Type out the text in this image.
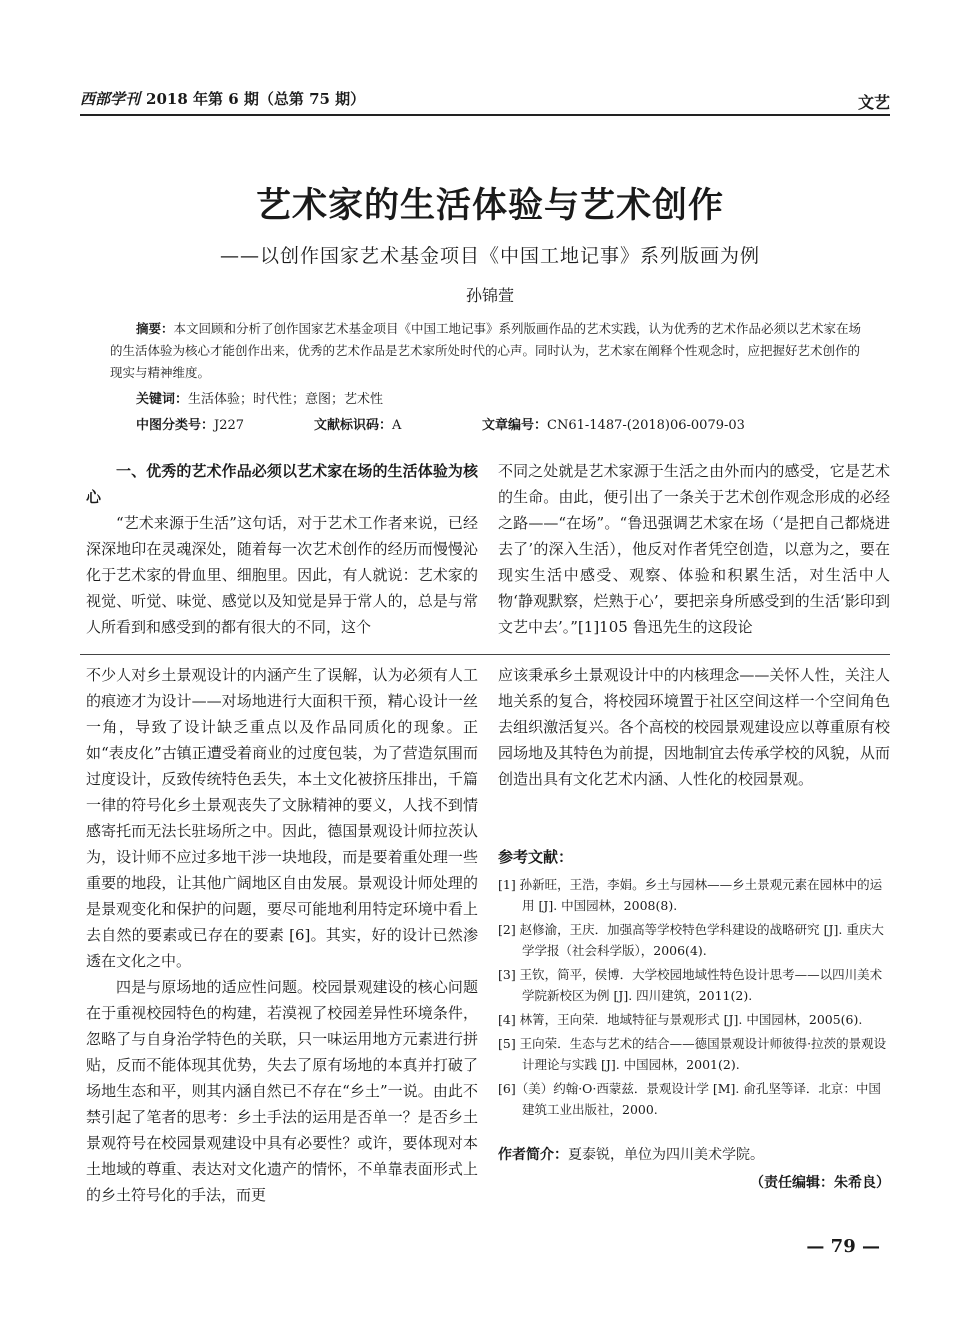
西部学刊 2018 年第 6 期（总第 75 期）	文艺
艺术家的生活体验与艺术创作
——以创作国家艺术基金项目《中国工地记事》系列版画为例
孙锦萱

摘要：本文回顾和分析了创作国家艺术基金项目《中国工地记事》系列版画作品的艺术实践，认为优秀的艺术作品必须以艺术家在场的生活体验为核心才能创作出来，优秀的艺术作品是艺术家所处时代的心声。同时认为，艺术家在阐释个性观念时，应把握好艺术创作的现实与精神维度。

关键词：生活体验；时代性；意图；艺术性
中图分类号：J227	文献标识码：A	文章编号：CN61-1487-(2018)06-0079-03

一、优秀的艺术作品必须以艺术家在场的生活体验为核心

“艺术来源于生活”这句话，对于艺术工作者来说，已经深深地印在灵魂深处，随着每一次艺术创作的经历而慢慢沁化于艺术家的骨血里、细胞里。因此，有人就说：艺术家的视觉、听觉、味觉、感觉以及知觉是异于常人的，总是与常人所看到和感受到的都有很大的不同，这个

不同之处就是艺术家源于生活之由外而内的感受，它是艺术的生命。由此，便引出了一条关于艺术创作观念形成的必经之路——“在场”。“鲁迅强调艺术家在场（‘是把自己都烧进去了’的深入生活），他反对作者凭空创造，以意为之，要在现实生活中感受、观察、体验和积累生活，对生活中人物‘静观默察，烂熟于心’，要把亲身所感受到的生活‘影印到文艺中去’。”[1]105 鲁迅先生的这段论

不少人对乡土景观设计的内涵产生了误解，认为必须有人工的痕迹才为设计——对场地进行大面积干预，精心设计一丝一角，导致了设计缺乏重点以及作品同质化的现象。正如“表皮化”古镇正遭受着商业的过度包装，为了营造氛围而过度设计，反致传统特色丢失，本土文化被挤压排出，千篇一律的符号化乡土景观丧失了文脉精神的要义，人找不到情感寄托而无法长驻场所之中。因此，德国景观设计师拉茨认为，设计师不应过多地干涉一块地段，而是要着重处理一些重要的地段，让其他广阔地区自由发展。景观设计师处理的是景观变化和保护的问题，要尽可能地利用特定环境中看上去自然的要素或已存在的要素 [6]。其实，好的设计已然渗透在文化之中。

四是与原场地的适应性问题。校园景观建设的核心问题在于重视校园特色的构建，若漠视了校园差异性环境条件，忽略了与自身治学特色的关联，只一味运用地方元素进行拼贴，反而不能体现其优势，失去了原有场地的本真并打破了场地生态和平，则其内涵自然已不存在“乡土”一说。由此不禁引起了笔者的思考：乡土手法的运用是否单一？是否乡土景观符号在校园景观建设中具有必要性？或许，要体现对本土地域的尊重、表达对文化遗产的情怀，不单靠表面形式上的乡土符号化的手法，而更

应该秉承乡土景观设计中的内核理念——关怀人性，关注人地关系的复合，将校园环境置于社区空间这样一个空间角色去组织激活复兴。各个高校的校园景观建设应以尊重原有校园场地及其特色为前提，因地制宜去传承学校的风貌，从而创造出具有文化艺术内涵、人性化的校园景观。

参考文献：
[1] 孙新旺，王浩，李娟。乡土与园林——乡土景观元素在园林中的运用 [J]. 中国园林，2008(8).
[2] 赵修渝，王庆．加强高等学校特色学科建设的战略研究 [J]. 重庆大学学报（社会科学版），2006(4).
[3] 王钦，简平，侯博．大学校园地域性特色设计思考——以四川美术学院新校区为例 [J]. 四川建筑，2011(2).
[4] 林箐，王向荣．地域特征与景观形式 [J]. 中国园林，2005(6).
[5] 王向荣．生态与艺术的结合——德国景观设计师彼得·拉茨的景观设计理论与实践 [J]. 中国园林，2001(2).
[6]（美）约翰·O·西蒙兹．景观设计学 [M]. 俞孔坚等译．北京：中国建筑工业出版社，2000.
作者简介：夏泰锐，单位为四川美术学院。
（责任编辑：朱希良）
— 79 —
